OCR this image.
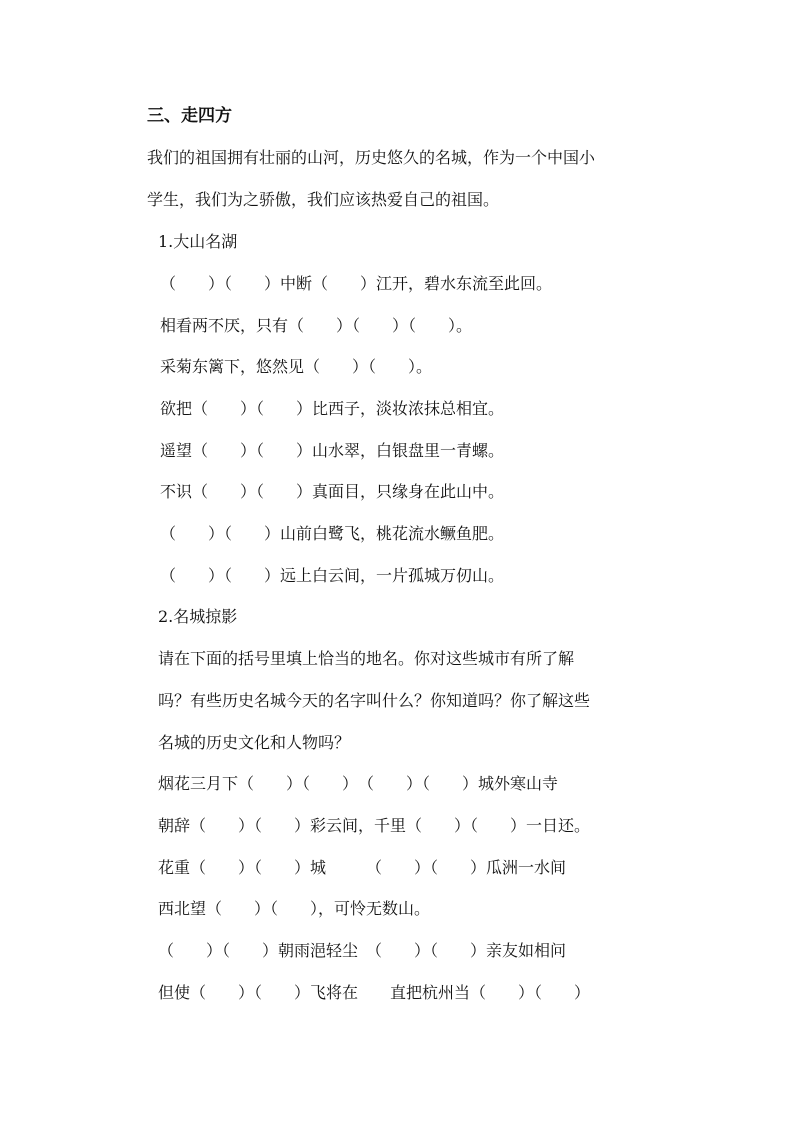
三、走四方
我们的祖国拥有壮丽的山河，历史悠久的名城，作为一个中国小
学生，我们为之骄傲，我们应该热爱自己的祖国。
1.大山名湖
（　　）（　　）中断（　　）江开，碧水东流至此回。
相看两不厌，只有（　　）（　　）（　　）。
采菊东篱下，悠然见（　　）（　　）。
欲把（　　）（　　）比西子，淡妆浓抹总相宜。
遥望（　　）（　　）山水翠，白银盘里一青螺。
不识（　　）（　　）真面目，只缘身在此山中。
（　　）（　　）山前白鹭飞，桃花流水鳜鱼肥。
（　　）（　　）远上白云间，一片孤城万仞山。
2.名城掠影
请在下面的括号里填上恰当的地名。你对这些城市有所了解
吗？有些历史名城今天的名字叫什么？你知道吗？你了解这些
名城的历史文化和人物吗？
烟花三月下（　　）（　　）　（　　）（　　）城外寒山寺
朝辞（　　）（　　）彩云间，千里（　　）（　　）一日还。
花重（　　）（　　）城　　　（　　）（　　）瓜洲一水间
西北望（　　）（　　），可怜无数山。
（　　）（　　）朝雨浥轻尘　（　　）（　　）亲友如相问
但使（　　）（　　）飞将在　　直把杭州当（　　）（　　）
